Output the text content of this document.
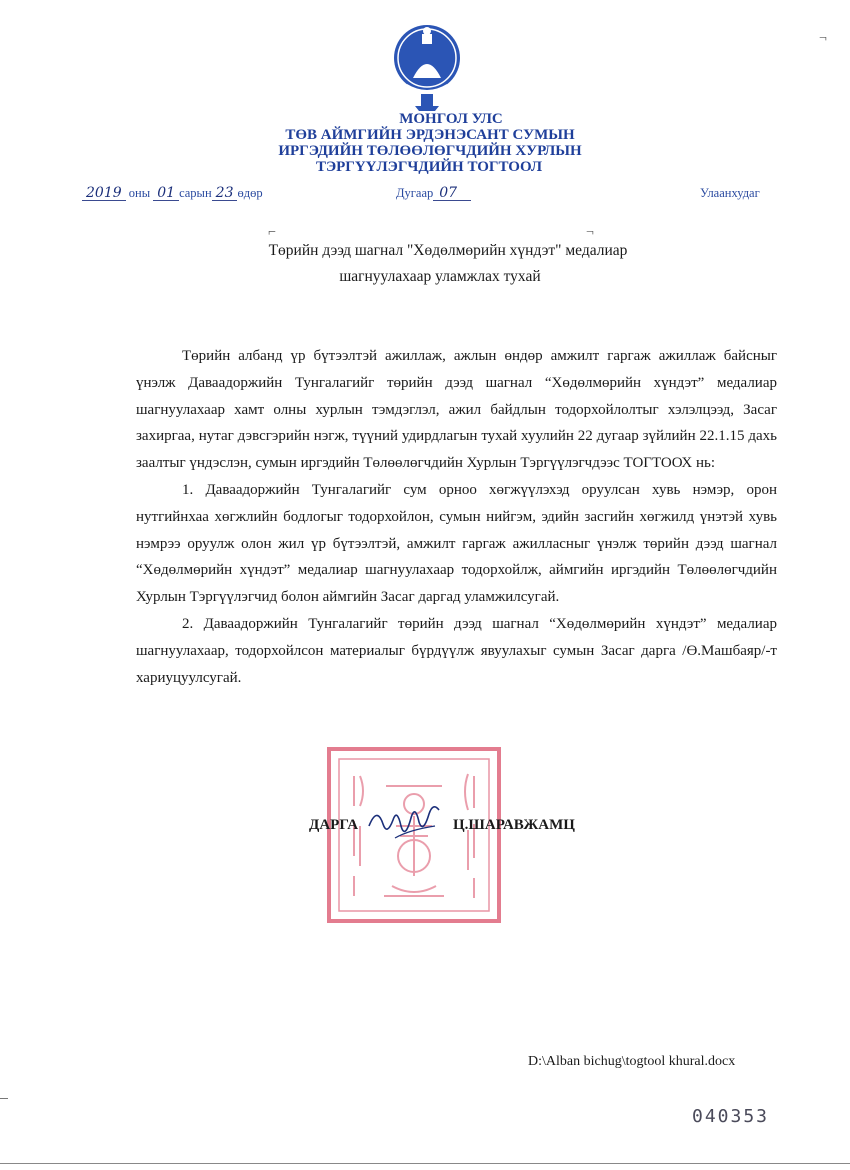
МОНГОЛ УЛС
ТӨВ АЙМГИЙН ЭРДЭНЭСАНТ СУМЫН
ИРГЭДИЙН ТӨЛӨӨЛӨГЧДИЙН ХУРЛЫН
ТЭРГҮҮЛЭГЧДИЙН ТОГТООЛ
2019 оны 01 сарын 23 өдөр	Дугаар 07	Улаанхудаг
⌐	¬
¬
Төрийн дээд шагнал "Хөдөлмөрийн хүндэт" медалиар
шагнуулахаар уламжлах тухай

Төрийн албанд үр бүтээлтэй ажиллаж, ажлын өндөр амжилт гаргаж ажиллаж байсныг үнэлж Даваадоржийн Тунгалагийг төрийн дээд шагнал “Хөдөлмөрийн хүндэт” медалиар шагнуулахаар хамт олны хурлын тэмдэглэл, ажил байдлын тодорхойлолтыг хэлэлцээд, Засаг захиргаа, нутаг дэвсгэрийн нэгж, түүний удирдлагын тухай хуулийн 22 дугаар зүйлийн 22.1.15 дахь заалтыг үндэслэн, сумын иргэдийн Төлөөлөгчдийн Хурлын Тэргүүлэгчдээс ТОГТООХ нь:

1. Даваадоржийн Тунгалагийг сум орноо хөгжүүлэхэд оруулсан хувь нэмэр, орон нутгийнхаа хөгжлийн бодлогыг тодорхойлон, сумын нийгэм, эдийн засгийн хөгжилд үнэтэй хувь нэмрээ оруулж олон жил үр бүтээлтэй, амжилт гаргаж ажилласныг үнэлж төрийн дээд шагнал “Хөдөлмөрийн хүндэт” медалиар шагнуулахаар тодорхойлж, аймгийн иргэдийн Төлөөлөгчдийн Хурлын Тэргүүлэгчид болон аймгийн Засаг даргад уламжилсугай.

2. Даваадоржийн Тунгалагийг төрийн дээд шагнал “Хөдөлмөрийн хүндэт” медалиар шагнуулахаар, тодорхойлсон материалыг бүрдүүлж явуулахыг сумын Засаг дарга /Ө.Машбаяр/-т хариуцуулсугай.

ДАРГА	Ц.ШАРАВЖАМЦ
D:\Alban bichug\togtool khural.docx
040353
